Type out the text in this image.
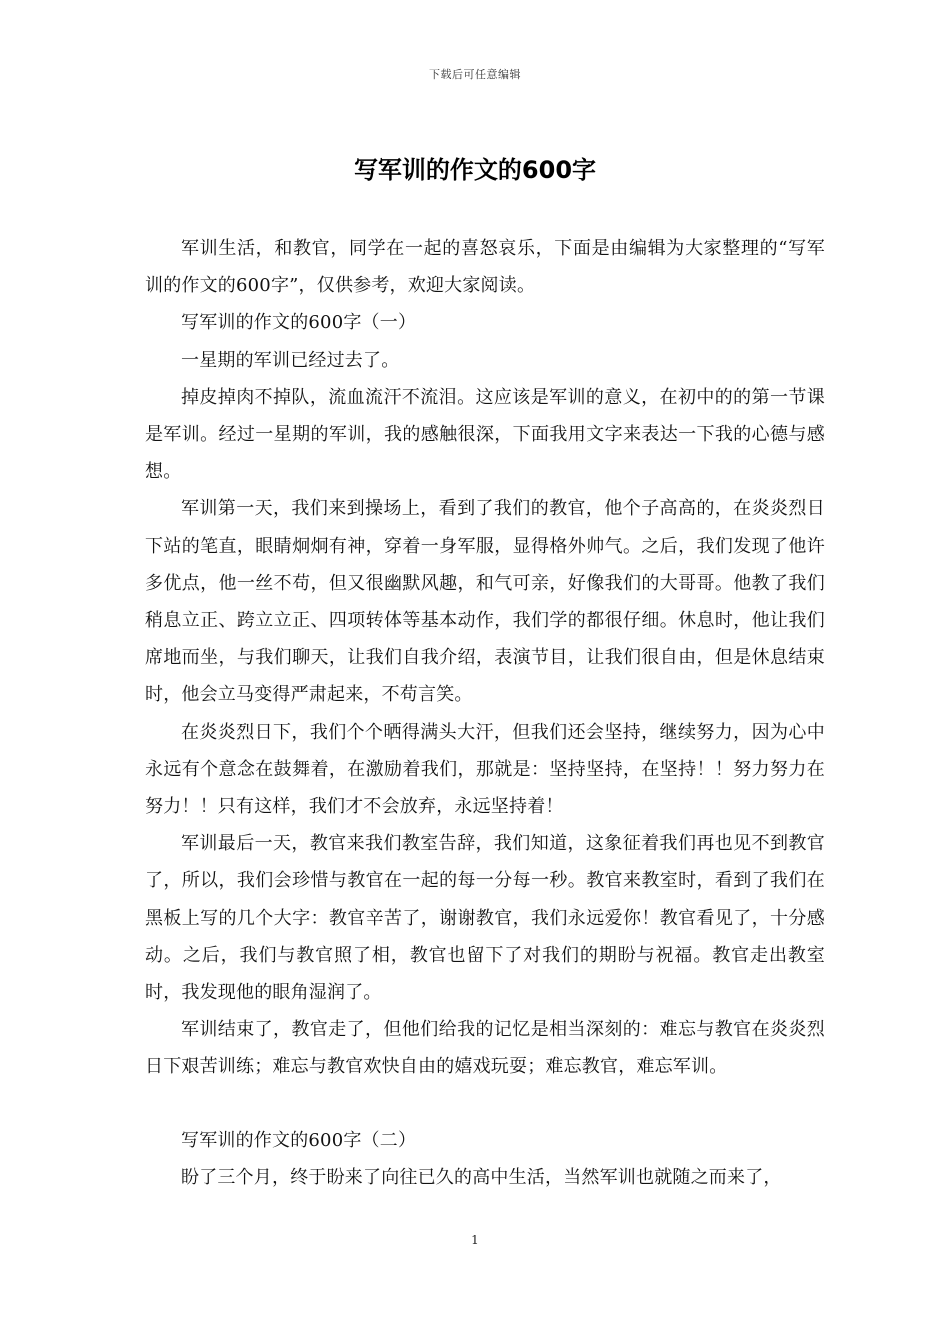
下载后可任意编辑
写军训的作文的600字

军训生活，和教官，同学在一起的喜怒哀乐，下面是由编辑为大家整理的“写军训的作文的600字”，仅供参考，欢迎大家阅读。

写军训的作文的600字（一）

一星期的军训已经过去了。

掉皮掉肉不掉队，流血流汗不流泪。这应该是军训的意义，在初中的的第一节课是军训。经过一星期的军训，我的感触很深，下面我用文字来表达一下我的心德与感想。

军训第一天，我们来到操场上，看到了我们的教官，他个子高高的，在炎炎烈日下站的笔直，眼睛炯炯有神，穿着一身军服，显得格外帅气。之后，我们发现了他许多优点，他一丝不苟，但又很幽默风趣，和气可亲，好像我们的大哥哥。他教了我们稍息立正、跨立立正、四项转体等基本动作，我们学的都很仔细。休息时，他让我们席地而坐，与我们聊天，让我们自我介绍，表演节目，让我们很自由，但是休息结束时，他会立马变得严肃起来，不苟言笑。

在炎炎烈日下，我们个个晒得满头大汗，但我们还会坚持，继续努力，因为心中永远有个意念在鼓舞着，在激励着我们，那就是：坚持坚持，在坚持！！努力努力在努力！！只有这样，我们才不会放弃，永远坚持着！

军训最后一天，教官来我们教室告辞，我们知道，这象征着我们再也见不到教官了，所以，我们会珍惜与教官在一起的每一分每一秒。教官来教室时，看到了我们在黑板上写的几个大字：教官辛苦了，谢谢教官，我们永远爱你！教官看见了，十分感动。之后，我们与教官照了相，教官也留下了对我们的期盼与祝福。教官走出教室时，我发现他的眼角湿润了。

军训结束了，教官走了，但他们给我的记忆是相当深刻的：难忘与教官在炎炎烈日下艰苦训练；难忘与教官欢快自由的嬉戏玩耍；难忘教官，难忘军训。

写军训的作文的600字（二）

盼了三个月，终于盼来了向往已久的高中生活，当然军训也就随之而来了，

1
